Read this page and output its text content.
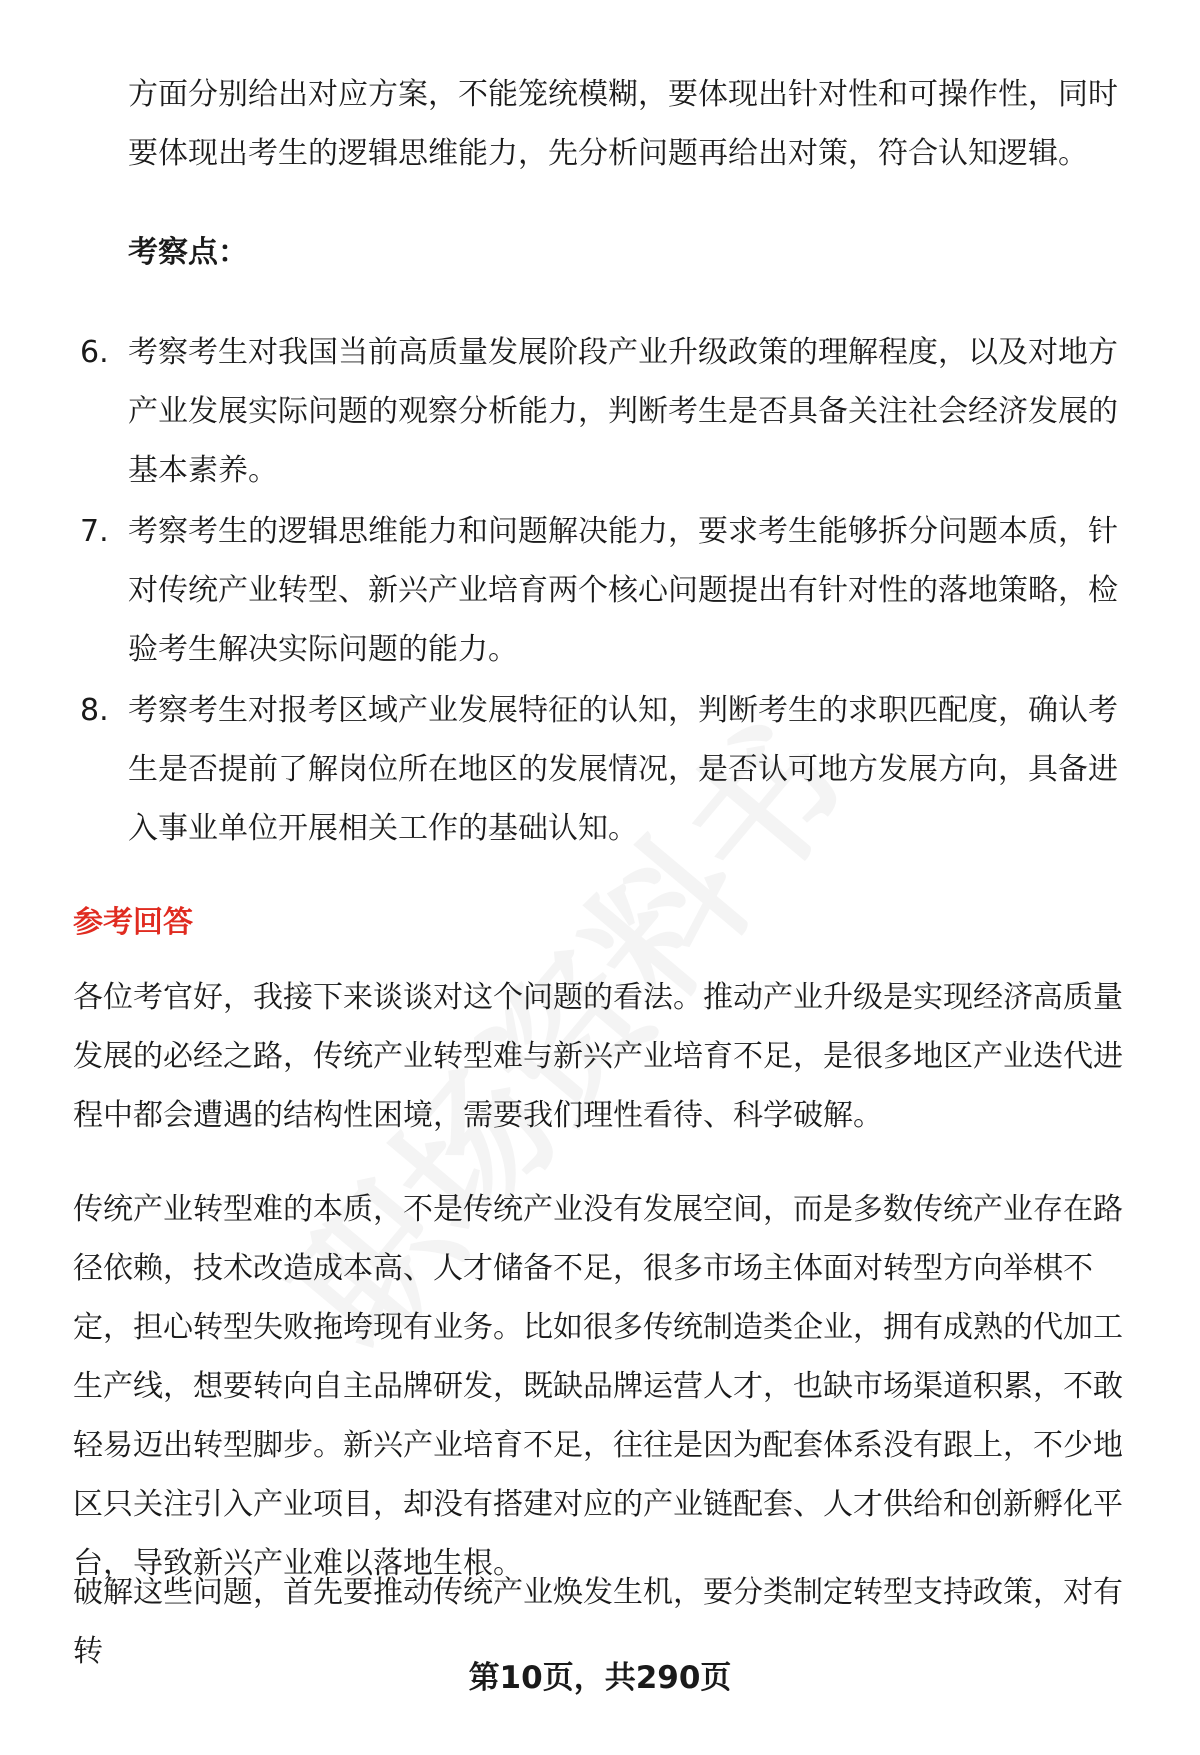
方面分别给出对应方案，不能笼统模糊，要体现出针对性和可操作性，同时要体现出考生的逻辑思维能力，先分析问题再给出对策，符合认知逻辑。

考察点：

6. 考察考生对我国当前高质量发展阶段产业升级政策的理解程度，以及对地方产业发展实际问题的观察分析能力，判断考生是否具备关注社会经济发展的基本素养。
7. 考察考生的逻辑思维能力和问题解决能力，要求考生能够拆分问题本质，针对传统产业转型、新兴产业培育两个核心问题提出有针对性的落地策略，检验考生解决实际问题的能力。
8. 考察考生对报考区域产业发展特征的认知，判断考生的求职匹配度，确认考生是否提前了解岗位所在地区的发展情况，是否认可地方发展方向，具备进入事业单位开展相关工作的基础认知。

参考回答

各位考官好，我接下来谈谈对这个问题的看法。推动产业升级是实现经济高质量发展的必经之路，传统产业转型难与新兴产业培育不足，是很多地区产业迭代进程中都会遭遇的结构性困境，需要我们理性看待、科学破解。

传统产业转型难的本质，不是传统产业没有发展空间，而是多数传统产业存在路径依赖，技术改造成本高、人才储备不足，很多市场主体面对转型方向举棋不定，担心转型失败拖垮现有业务。比如很多传统制造类企业，拥有成熟的代加工生产线，想要转向自主品牌研发，既缺品牌运营人才，也缺市场渠道积累，不敢轻易迈出转型脚步。新兴产业培育不足，往往是因为配套体系没有跟上，不少地区只关注引入产业项目，却没有搭建对应的产业链配套、人才供给和创新孵化平台，导致新兴产业难以落地生根。

破解这些问题，首先要推动传统产业焕发生机，要分类制定转型支持政策，对有转

第10页，共290页
